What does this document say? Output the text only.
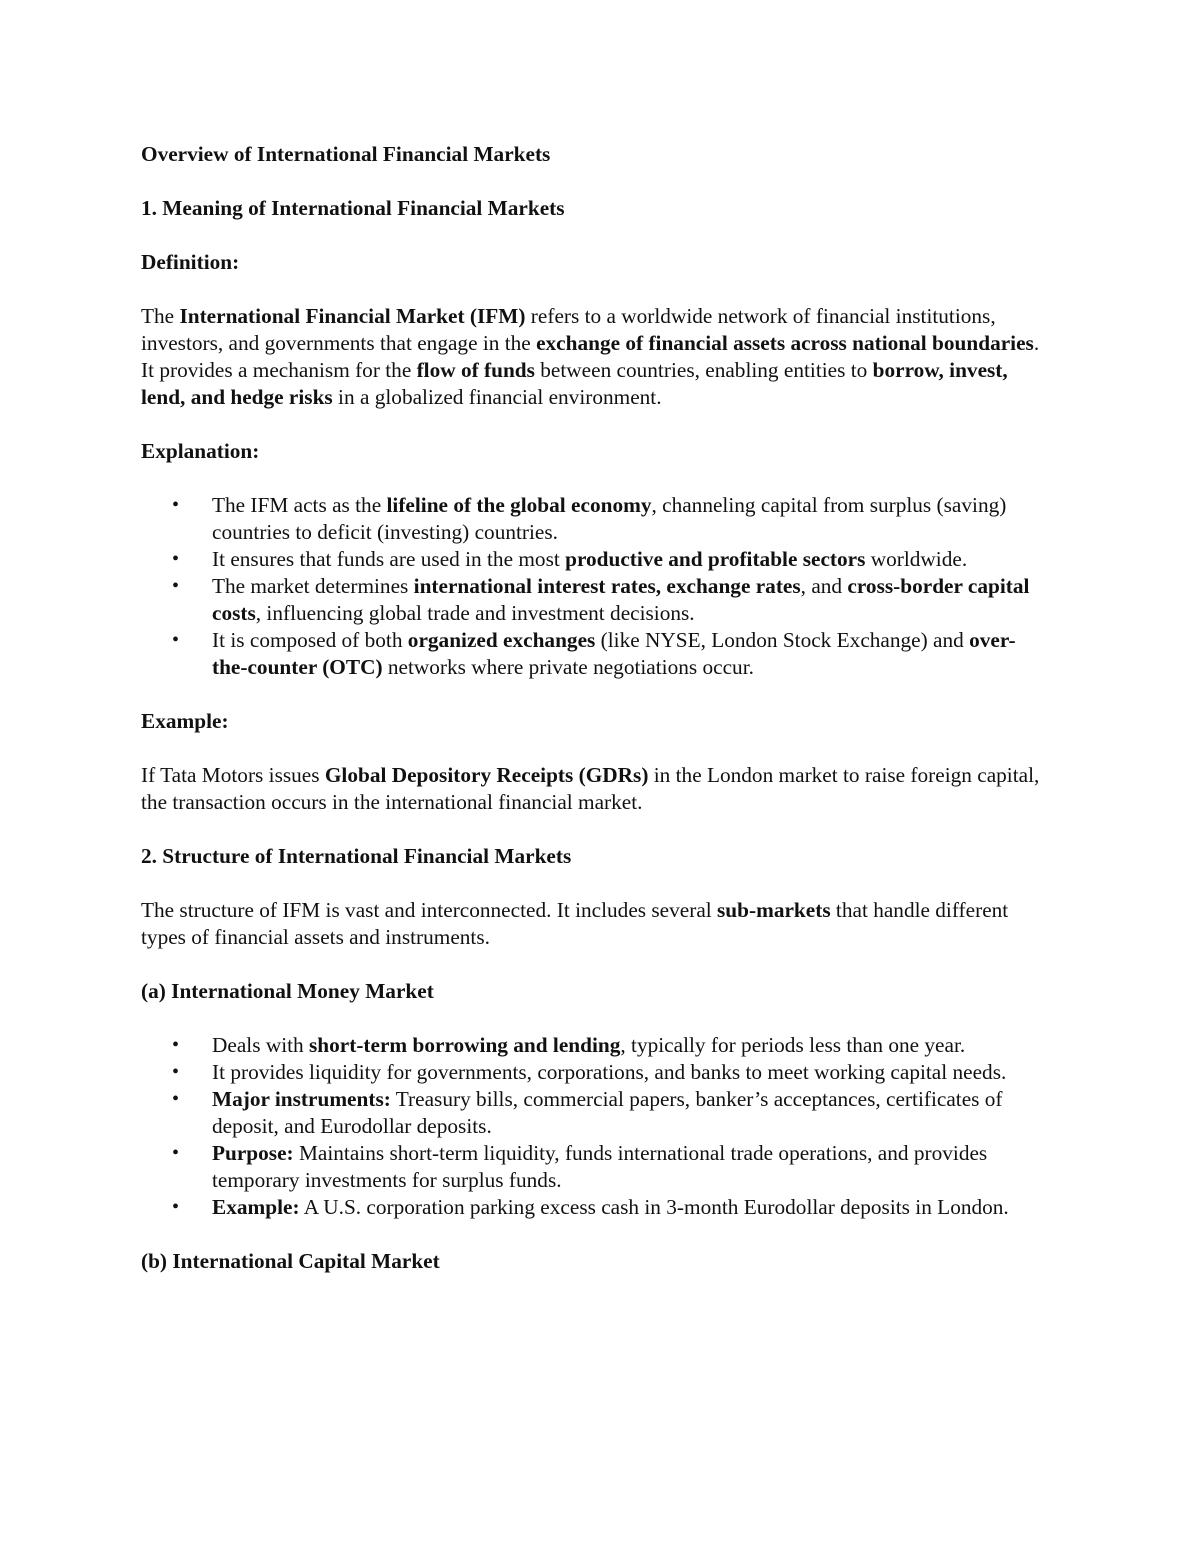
Overview of International Financial Markets
1. Meaning of International Financial Markets
Definition:
The International Financial Market (IFM) refers to a worldwide network of financial institutions, investors, and governments that engage in the exchange of financial assets across national boundaries.
It provides a mechanism for the flow of funds between countries, enabling entities to borrow, invest, lend, and hedge risks in a globalized financial environment.
Explanation:
• The IFM acts as the lifeline of the global economy, channeling capital from surplus (saving) countries to deficit (investing) countries.
• It ensures that funds are used in the most productive and profitable sectors worldwide.
• The market determines international interest rates, exchange rates, and cross-border capital costs, influencing global trade and investment decisions.
• It is composed of both organized exchanges (like NYSE, London Stock Exchange) and over-the-counter (OTC) networks where private negotiations occur.
Example:
If Tata Motors issues Global Depository Receipts (GDRs) in the London market to raise foreign capital, the transaction occurs in the international financial market.
2. Structure of International Financial Markets
The structure of IFM is vast and interconnected. It includes several sub-markets that handle different types of financial assets and instruments.
(a) International Money Market
• Deals with short-term borrowing and lending, typically for periods less than one year.
• It provides liquidity for governments, corporations, and banks to meet working capital needs.
• Major instruments: Treasury bills, commercial papers, banker’s acceptances, certificates of deposit, and Eurodollar deposits.
• Purpose: Maintains short-term liquidity, funds international trade operations, and provides temporary investments for surplus funds.
• Example: A U.S. corporation parking excess cash in 3-month Eurodollar deposits in London.
(b) International Capital Market
